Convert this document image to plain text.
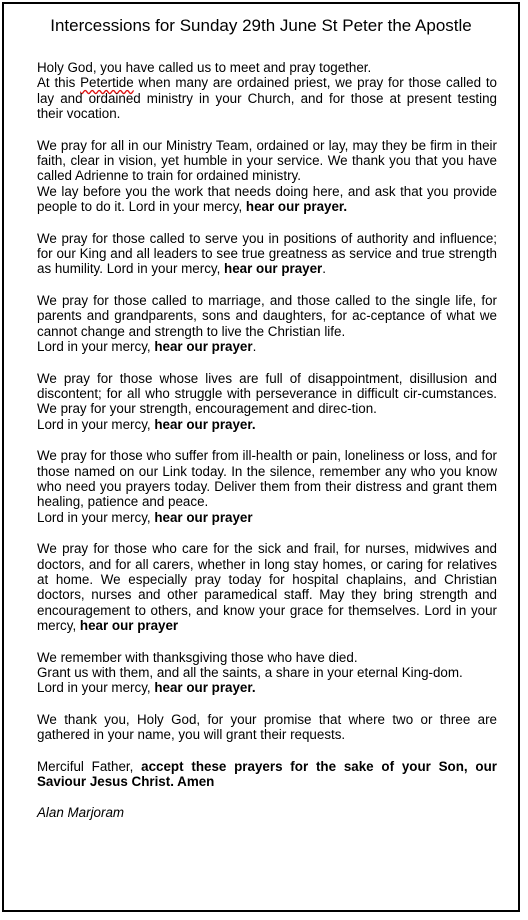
Intercessions for Sunday 29th June St Peter the Apostle

Holy God, you have called us to meet and pray together.
At this Petertide when many are ordained priest, we pray for those called to lay and ordained ministry in your Church, and for those at present testing their vocation.

We pray for all in our Ministry Team, ordained or lay, may they be firm in their faith, clear in vision, yet humble in your service. We thank you that you have called Adrienne to train for ordained ministry.
We lay before you the work that needs doing here, and ask that you provide people to do it. Lord in your mercy, hear our prayer.

We pray for those called to serve you in positions of authority and influence; for our King and all leaders to see true greatness as service and true strength as humility. Lord in your mercy, hear our prayer.

We pray for those called to marriage, and those called to the single life, for parents and grandparents, sons and daughters, for ac-ceptance of what we cannot change and strength to live the Christian life.
Lord in your mercy, hear our prayer.

We pray for those whose lives are full of disappointment, disillusion and discontent; for all who struggle with perseverance in difficult cir-cumstances. We pray for your strength, encouragement and direc-tion.
Lord in your mercy, hear our prayer.

We pray for those who suffer from ill-health or pain, loneliness or loss, and for those named on our Link today. In the silence, remember any who you know who need you prayers today. Deliver them from their distress and grant them healing, patience and peace.
Lord in your mercy, hear our prayer

We pray for those who care for the sick and frail, for nurses, midwives and doctors, and for all carers, whether in long stay homes, or caring for relatives at home. We especially pray today for hospital chaplains, and Christian doctors, nurses and other paramedical staff. May they bring strength and encouragement to others, and know your grace for themselves. Lord in your mercy, hear our prayer

We remember with thanksgiving those who have died.
Grant us with them, and all the saints, a share in your eternal King-dom.
Lord in your mercy, hear our prayer.

We thank you, Holy God, for your promise that where two or three are gathered in your name, you will grant their requests.

Merciful Father, accept these prayers for the sake of your Son, our Saviour Jesus Christ. Amen

Alan Marjoram
